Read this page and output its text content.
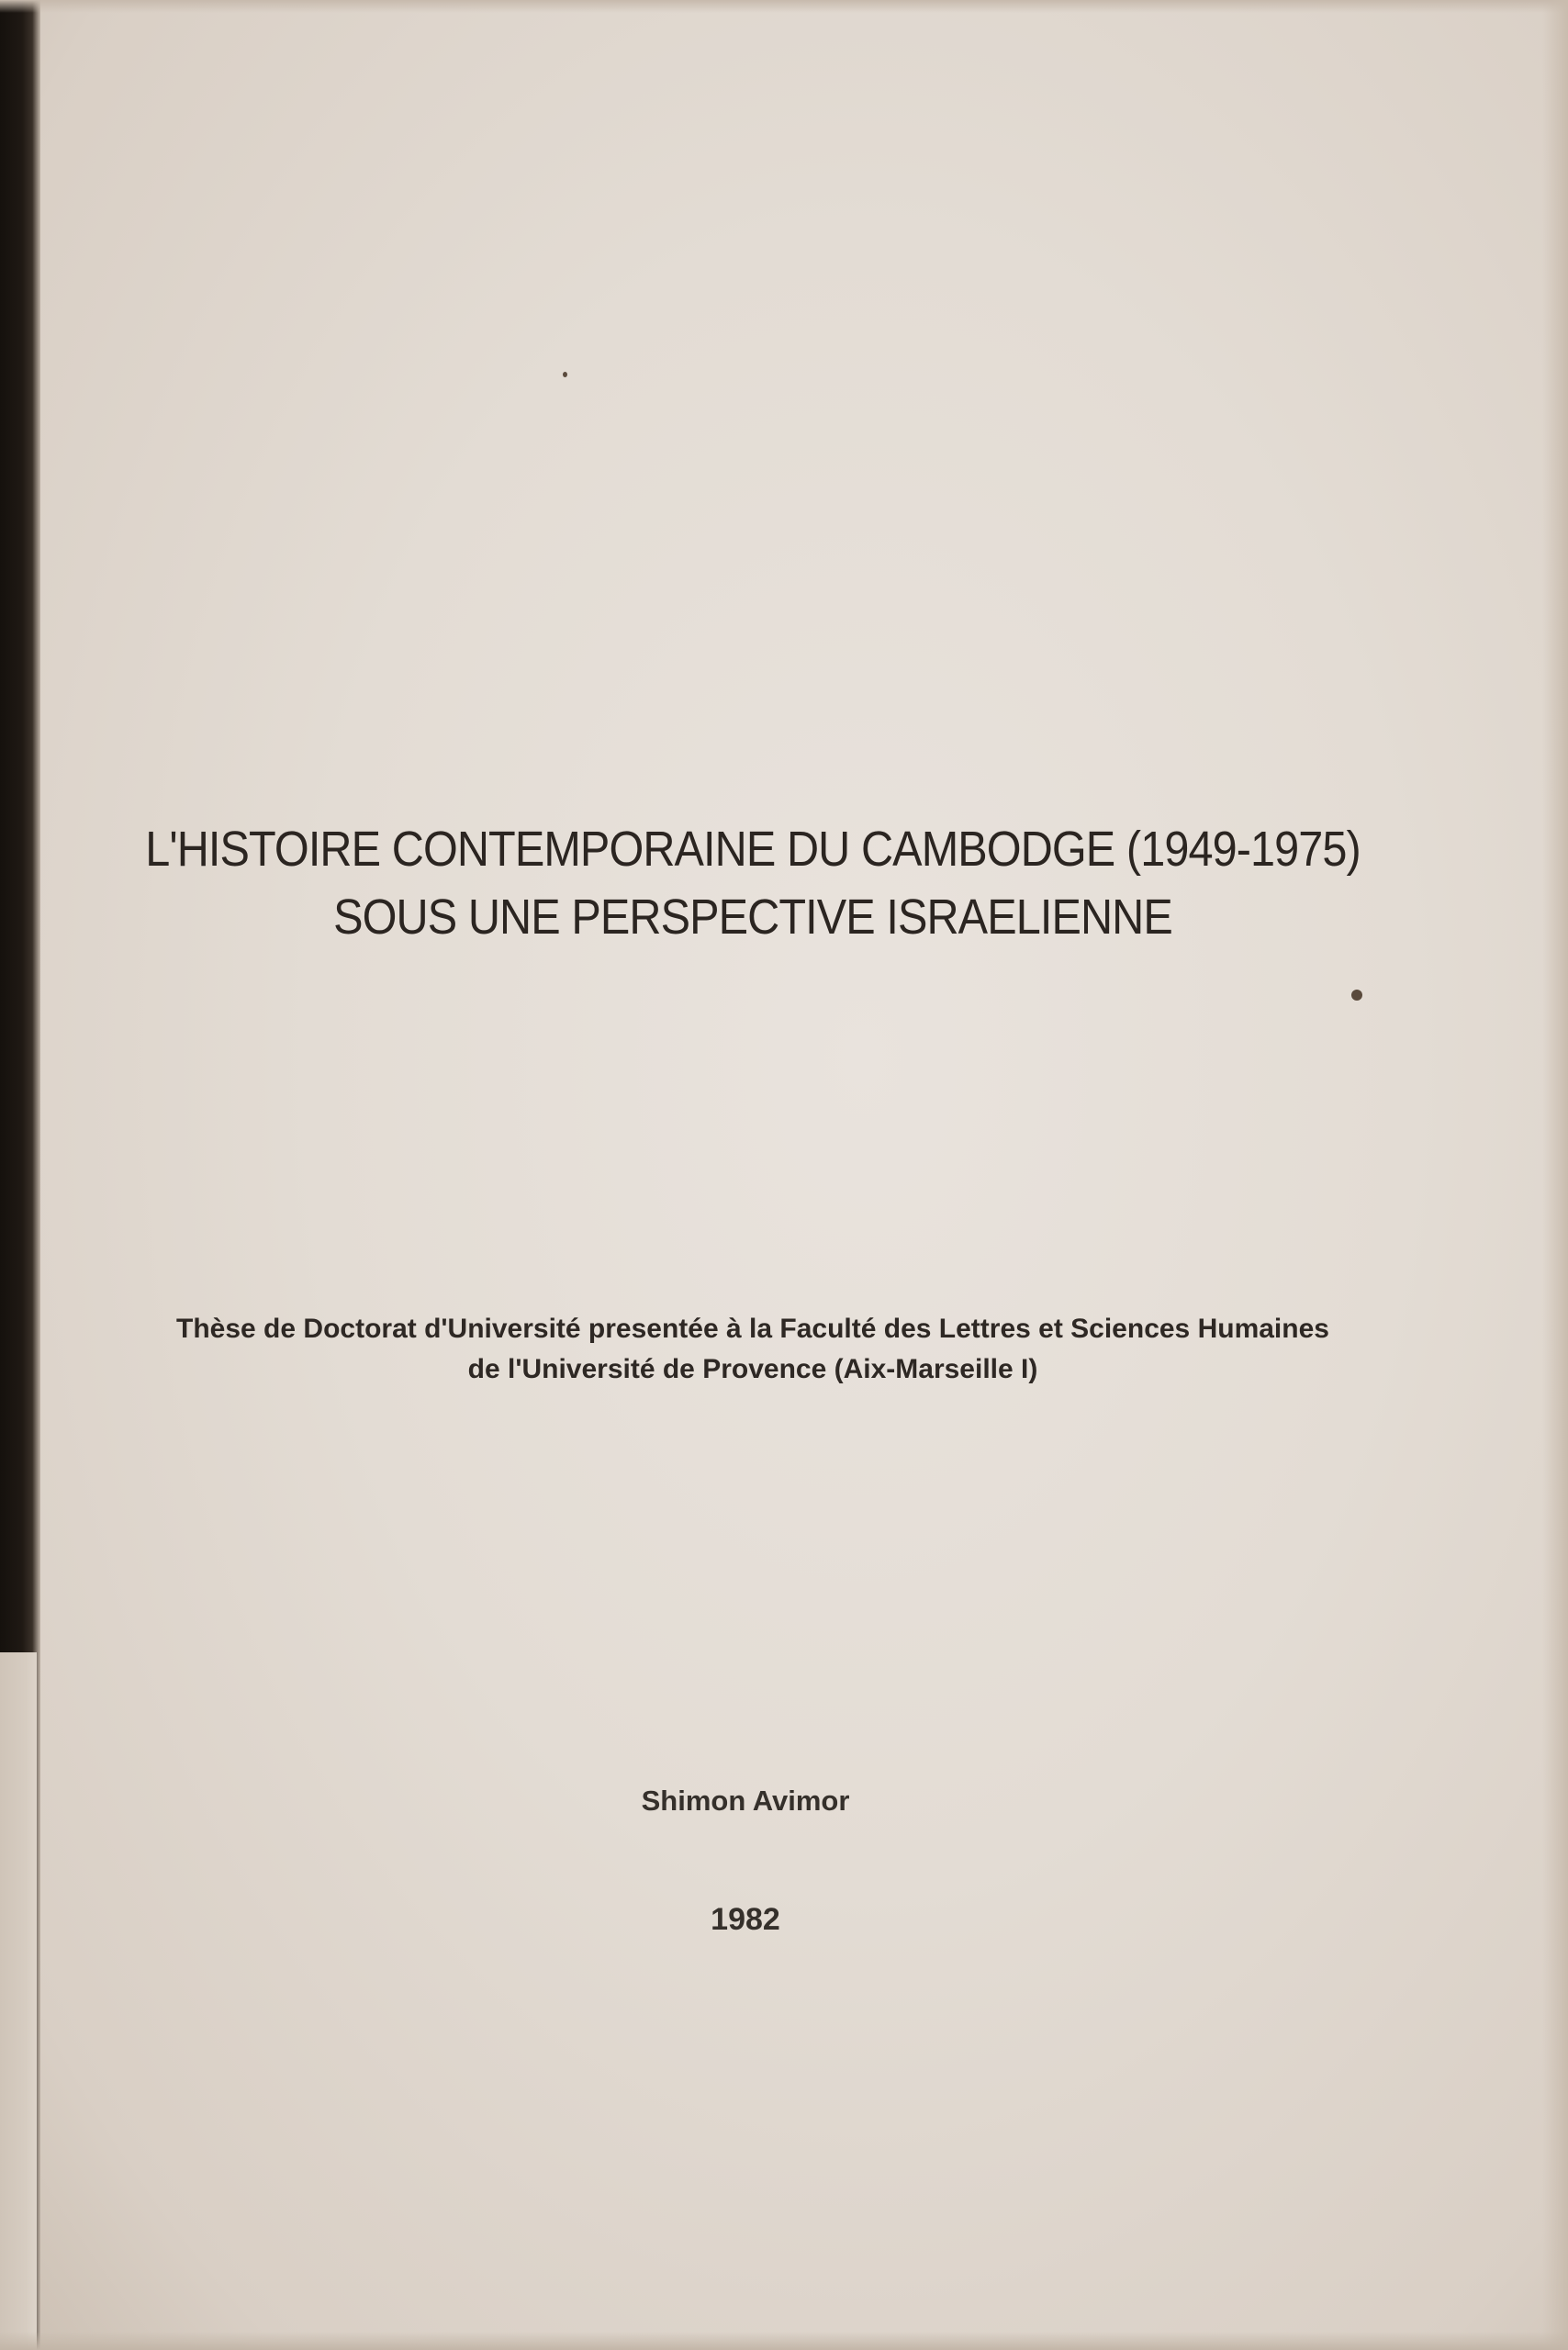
L'HISTOIRE CONTEMPORAINE DU CAMBODGE (1949-1975)
SOUS UNE PERSPECTIVE ISRAELIENNE
Thèse de Doctorat d'Université presentée à la Faculté des Lettres et Sciences Humaines
de l'Université de Provence (Aix-Marseille I)
Shimon Avimor
1982
